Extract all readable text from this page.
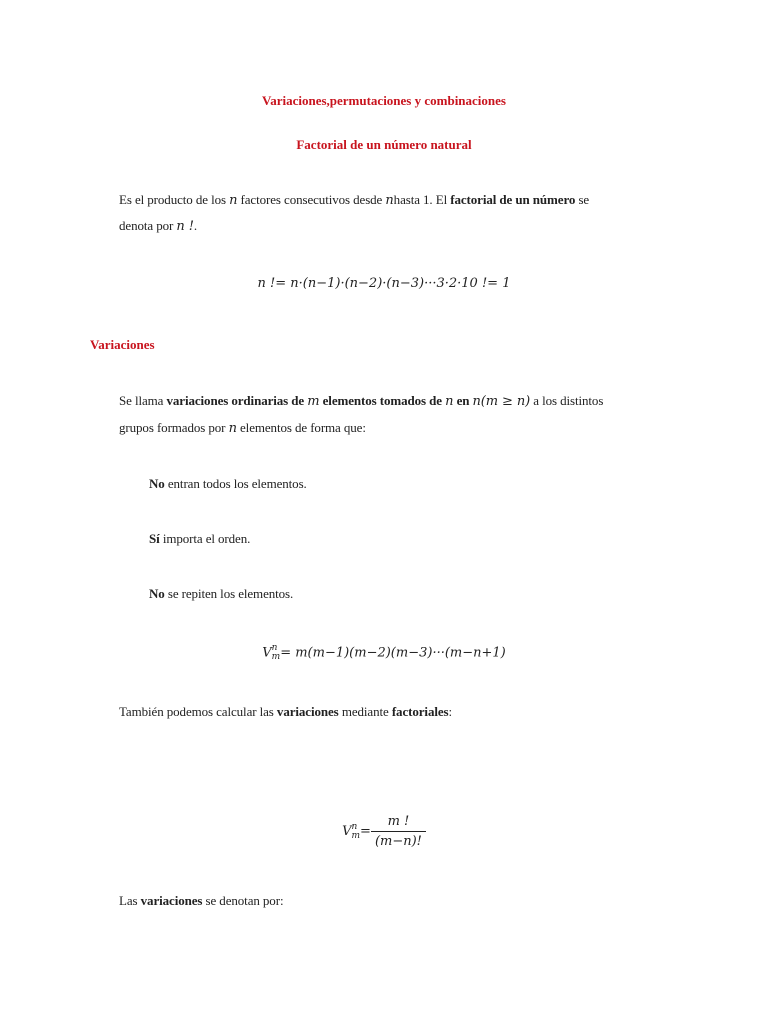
Variaciones,permutaciones y combinaciones
Factorial de un número natural
Es el producto de los n factores consecutivos desde nhasta 1. El factorial de un número se
denota por n !.
n != n·(n−1)·(n−2)·(n−3)···3·2·10 != 1
Variaciones
Se llama variaciones ordinarias de m elementos tomados de n en n(m ≥ n) a los distintos
grupos formados por n elementos de forma que:
No entran todos los elementos.
Sí importa el orden.
No se repiten los elementos.
V n
m = m(m−1)(m−2)(m−3)···(m−n+1)
También podemos calcular las variaciones mediante factoriales:
V n
$m = \frac{m !}{(m-n)!}$
Las variaciones se denotan por:
